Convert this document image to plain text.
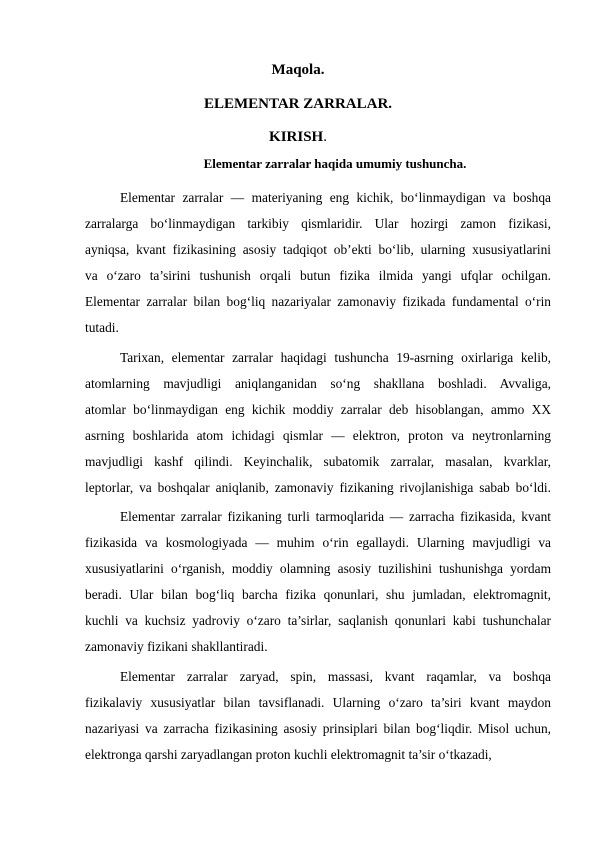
Maqola.
ELEMENTAR ZARRALAR.
KIRISH.
Elementar zarralar haqida umumiy tushuncha.
Elementar zarralar — materiyaning eng kichik, bo‘linmaydigan va boshqa
zarralarga bo‘linmaydigan tarkibiy qismlaridir. Ular hozirgi zamon fizikasi,
ayniqsa, kvant fizikasining asosiy tadqiqot ob’ekti bo‘lib, ularning xususiyatlarini
va o‘zaro ta’sirini tushunish orqali butun fizika ilmida yangi ufqlar ochilgan.
Elementar zarralar bilan bog‘liq nazariyalar zamonaviy fizikada fundamental o‘rin
tutadi.
Tarixan, elementar zarralar haqidagi tushuncha 19-asrning oxirlariga kelib,
atomlarning mavjudligi aniqlanganidan so‘ng shakllana boshladi. Avvaliga,
atomlar bo‘linmaydigan eng kichik moddiy zarralar deb hisoblangan, ammo XX
asrning boshlarida atom ichidagi qismlar — elektron, proton va neytronlarning
mavjudligi kashf qilindi. Keyinchalik, subatomik zarralar, masalan, kvarklar,
leptorlar, va boshqalar aniqlanib, zamonaviy fizikaning rivojlanishiga sabab bo‘ldi.
Elementar zarralar fizikaning turli tarmoqlarida — zarracha fizikasida, kvant
fizikasida va kosmologiyada — muhim o‘rin egallaydi. Ularning mavjudligi va
xususiyatlarini o‘rganish, moddiy olamning asosiy tuzilishini tushunishga yordam
beradi. Ular bilan bog‘liq barcha fizika qonunlari, shu jumladan, elektromagnit,
kuchli va kuchsiz yadroviy o‘zaro ta’sirlar, saqlanish qonunlari kabi tushunchalar
zamonaviy fizikani shakllantiradi.
Elementar zarralar zaryad, spin, massasi, kvant raqamlar, va boshqa
fizikalaviy xususiyatlar bilan tavsiflanadi. Ularning o‘zaro ta’siri kvant maydon
nazariyasi va zarracha fizikasining asosiy prinsiplari bilan bog‘liqdir. Misol uchun,
elektronga qarshi zaryadlangan proton kuchli elektromagnit ta’sir o‘tkazadi,
